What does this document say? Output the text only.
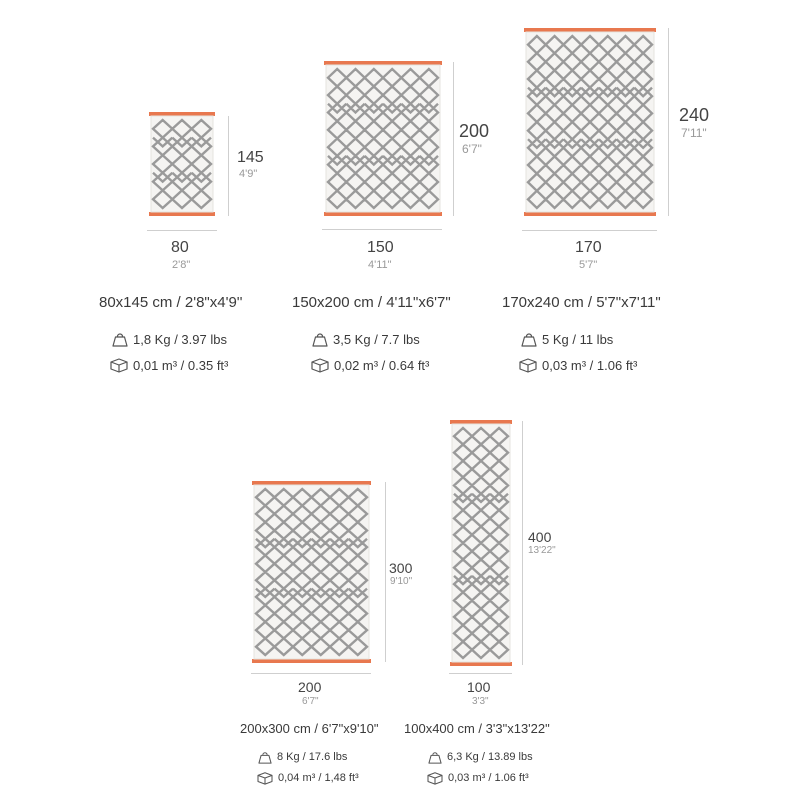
145
4'9"
80
2'8"
80x145 cm / 2'8"x4'9''
1,8 Kg / 3.97 lbs
0,01 m³ / 0.35 ft³
200
6'7"
150
4'11"
150x200 cm / 4'11"x6'7"
3,5 Kg / 7.7 lbs
0,02 m³ / 0.64 ft³
240
7'11"
170
5'7"
170x240 cm / 5'7"x7'11"
5 Kg / 11 lbs
0,03 m³ / 1.06 ft³
300
9'10"
200
6'7"
200x300 cm / 6'7"x9'10"
8 Kg / 17.6 lbs
0,04 m³ / 1,48 ft³
400
13'22"
100
3'3"
100x400 cm / 3'3"x13'22"
6,3 Kg / 13.89 lbs
0,03 m³ / 1.06 ft³
